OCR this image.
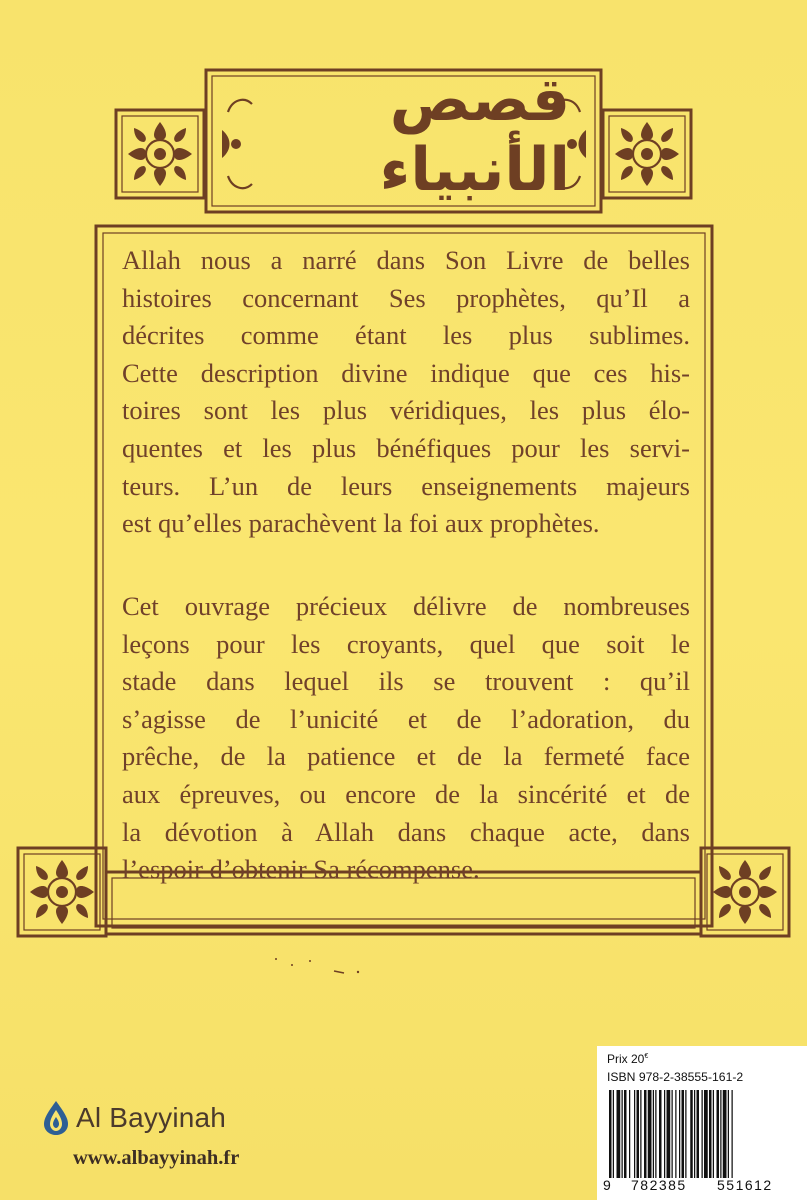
قصص الأنبياء
Allah nous a narré dans Son Livre de belles
histoires concernant Ses prophètes, qu’Il a
décrites comme étant les plus sublimes.
Cette description divine indique que ces his-
toires sont les plus véridiques, les plus élo-
quentes et les plus bénéfiques pour les servi-
teurs. L’un de leurs enseignements majeurs
est qu’elles parachèvent la foi aux prophètes.
Cet ouvrage précieux délivre de nombreuses
leçons pour les croyants, quel que soit le
stade dans lequel ils se trouvent : qu’il
s’agisse de l’unicité et de l’adoration, du
prêche, de la patience et de la fermeté face
aux épreuves, ou encore de la sincérité et de
la dévotion à Allah dans chaque acte, dans
l’espoir d’obtenir Sa récompense.
Al Bayyinah
www.albayyinah.fr
Prix 20€
ISBN 978-2-38555-161-2
9 782385 551612
